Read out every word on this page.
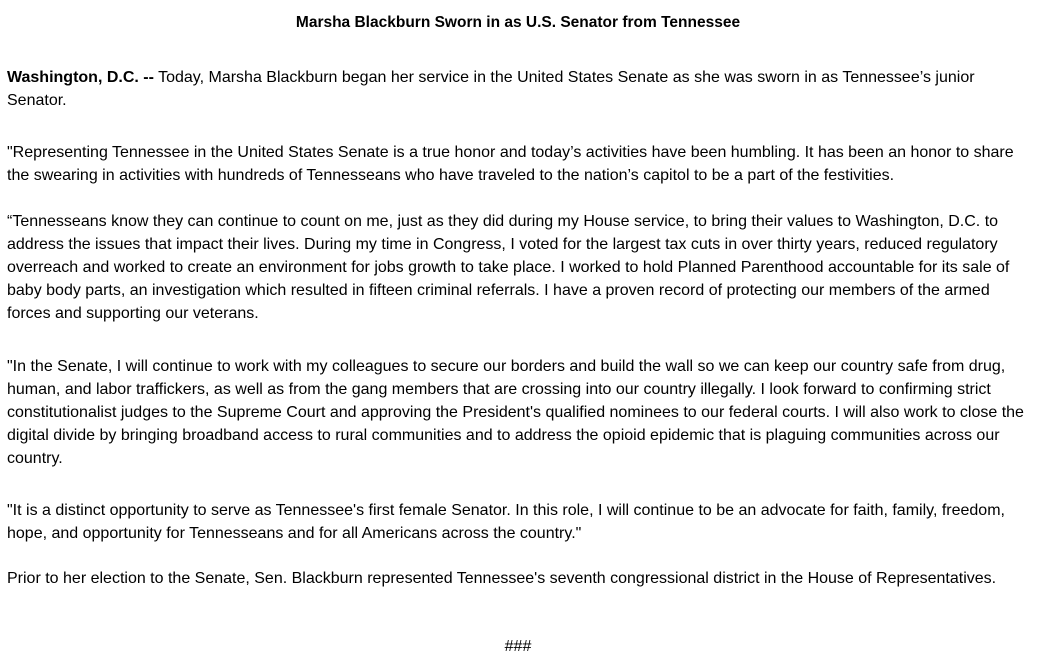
Marsha Blackburn Sworn in as U.S. Senator from Tennessee

Washington, D.C. -- Today, Marsha Blackburn began her service in the United States Senate as she was sworn in as Tennessee’s junior Senator.

"Representing Tennessee in the United States Senate is a true honor and today’s activities have been humbling. It has been an honor to share the swearing in activities with hundreds of Tennesseans who have traveled to the nation’s capitol to be a part of the festivities.

“Tennesseans know they can continue to count on me, just as they did during my House service, to bring their values to Washington, D.C. to address the issues that impact their lives. During my time in Congress, I voted for the largest tax cuts in over thirty years, reduced regulatory overreach and worked to create an environment for jobs growth to take place. I worked to hold Planned Parenthood accountable for its sale of baby body parts, an investigation which resulted in fifteen criminal referrals. I have a proven record of protecting our members of the armed forces and supporting our veterans.

"In the Senate, I will continue to work with my colleagues to secure our borders and build the wall so we can keep our country safe from drug, human, and labor traffickers, as well as from the gang members that are crossing into our country illegally. I look forward to confirming strict constitutionalist judges to the Supreme Court and approving the President's qualified nominees to our federal courts. I will also work to close the digital divide by bringing broadband access to rural communities and to address the opioid epidemic that is plaguing communities across our country.

"It is a distinct opportunity to serve as Tennessee's first female Senator. In this role, I will continue to be an advocate for faith, family, freedom, hope, and opportunity for Tennesseans and for all Americans across the country."

Prior to her election to the Senate, Sen. Blackburn represented Tennessee's seventh congressional district in the House of Representatives.

###
